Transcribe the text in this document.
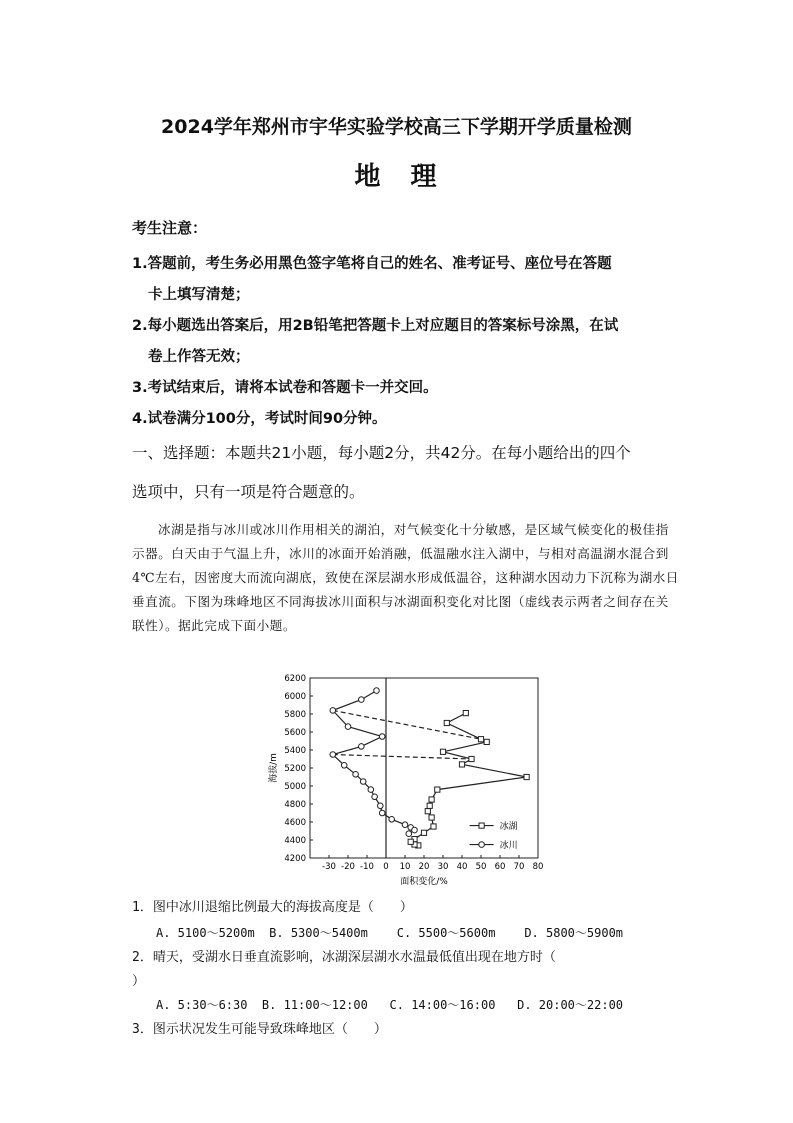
2024学年郑州市宇华实验学校高三下学期开学质量检测
地 理
考生注意：
1.答题前，考生务必用黑色签字笔将自己的姓名、准考证号、座位号在答题
卡上填写清楚；
2.每小题选出答案后，用2B铅笔把答题卡上对应题目的答案标号涂黑，在试
卷上作答无效；
3.考试结束后，请将本试卷和答题卡一并交回。
4.试卷满分100分，考试时间90分钟。
一、选择题：本题共21小题，每小题2分，共42分。在每小题给出的四个
选项中，只有一项是符合题意的。
冰湖是指与冰川或冰川作用相关的湖泊，对气候变化十分敏感，是区域气候变化的极佳指示器。白天由于气温上升，冰川的冰面开始消融，低温融水注入湖中，与相对高温湖水混合到4℃左右，因密度大而流向湖底，致使在深层湖水形成低温谷，这种湖水因动力下沉称为湖水日垂直流。下图为珠峰地区不同海拔冰川面积与冰湖面积变化对比图（虚线表示两者之间存在关联性）。据此完成下面小题。
4200
4400
4600
4800
5000
5200
5400
5600
5800
6000
6200
-30 -20 -10 0 10 20 30 40 50 60 70 80
面积变化/%
海拔/m
冰湖
冰川
1．图中冰川退缩比例最大的海拔高度是（　　）
A. 5100～5200m  B. 5300～5400m    C. 5500～5600m    D. 5800～5900m
2．晴天，受湖水日垂直流影响，冰湖深层湖水水温最低值出现在地方时（
）
A. 5:30～6:30  B. 11:00～12:00   C. 14:00～16:00   D. 20:00～22:00
3．图示状况发生可能导致珠峰地区（　　）
